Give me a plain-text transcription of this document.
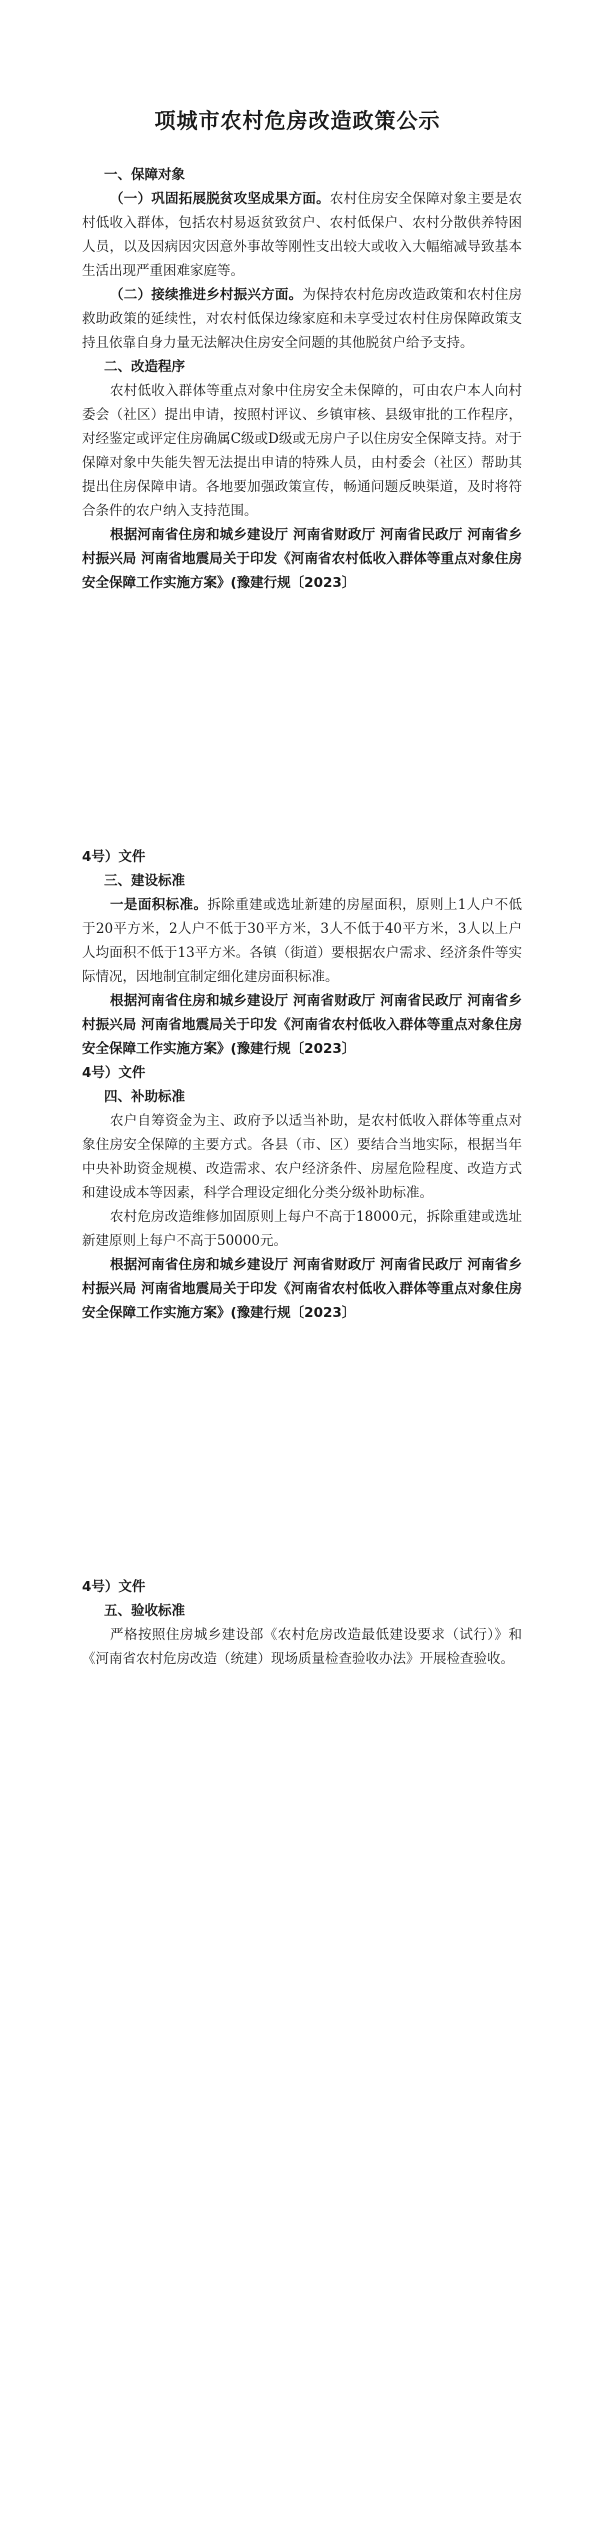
项城市农村危房改造政策公示

一、保障对象

（一）巩固拓展脱贫攻坚成果方面。农村住房安全保障对象主要是农村低收入群体，包括农村易返贫致贫户、农村低保户、农村分散供养特困人员，以及因病因灾因意外事故等刚性支出较大或收入大幅缩减导致基本生活出现严重困难家庭等。

（二）接续推进乡村振兴方面。为保持农村危房改造政策和农村住房救助政策的延续性，对农村低保边缘家庭和未享受过农村住房保障政策支持且依靠自身力量无法解决住房安全问题的其他脱贫户给予支持。

二、改造程序

农村低收入群体等重点对象中住房安全未保障的，可由农户本人向村委会（社区）提出申请，按照村评议、乡镇审核、县级审批的工作程序，对经鉴定或评定住房确属C级或D级或无房户子以住房安全保障支持。对于保障对象中失能失智无法提出申请的特殊人员，由村委会（社区）帮助其提出住房保障申请。各地要加强政策宣传，畅通问题反映渠道，及时将符合条件的农户纳入支持范围。

根据河南省住房和城乡建设厅 河南省财政厅 河南省民政厅 河南省乡村振兴局 河南省地震局关于印发《河南省农村低收入群体等重点对象住房安全保障工作实施方案》(豫建行规〔2023〕

4号）文件

三、建设标准

一是面积标准。拆除重建或选址新建的房屋面积，原则上1人户不低于20平方米，2人户不低于30平方米，3人不低于40平方米，3人以上户人均面积不低于13平方米。各镇（街道）要根据农户需求、经济条件等实际情况，因地制宜制定细化建房面积标准。

根据河南省住房和城乡建设厅 河南省财政厅 河南省民政厅 河南省乡村振兴局 河南省地震局关于印发《河南省农村低收入群体等重点对象住房安全保障工作实施方案》(豫建行规〔2023〕

4号）文件

四、补助标准

农户自筹资金为主、政府予以适当补助，是农村低收入群体等重点对象住房安全保障的主要方式。各县（市、区）要结合当地实际，根据当年中央补助资金规模、改造需求、农户经济条件、房屋危险程度、改造方式和建设成本等因素，科学合理设定细化分类分级补助标准。

农村危房改造维修加固原则上每户不高于18000元，拆除重建或选址新建原则上每户不高于50000元。

根据河南省住房和城乡建设厅 河南省财政厅 河南省民政厅 河南省乡村振兴局 河南省地震局关于印发《河南省农村低收入群体等重点对象住房安全保障工作实施方案》(豫建行规〔2023〕

4号）文件

五、验收标准

严格按照住房城乡建设部《农村危房改造最低建设要求（试行）》和《河南省农村危房改造（统建）现场质量检查验收办法》开展检查验收。
